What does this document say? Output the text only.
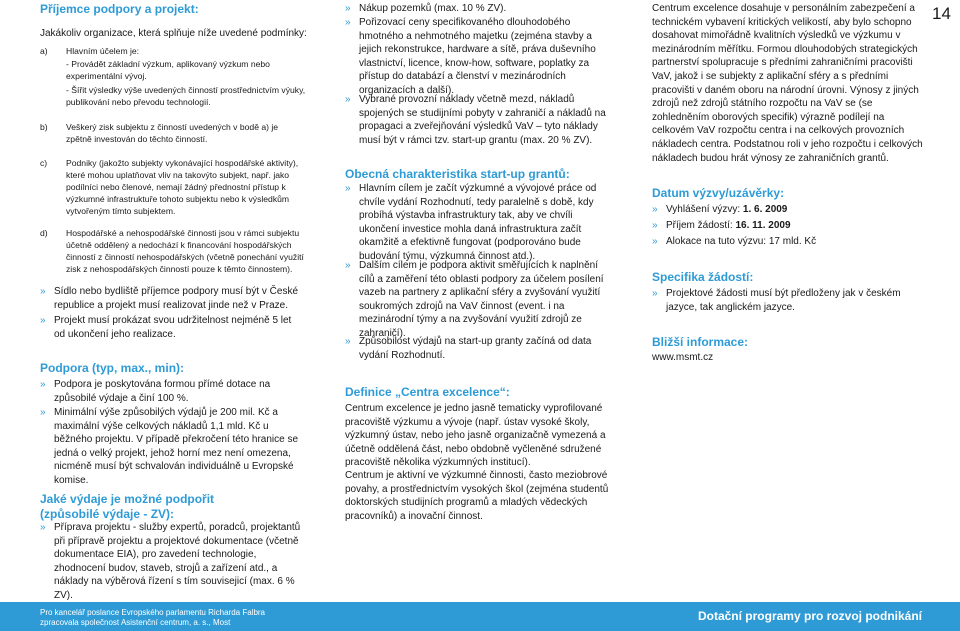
Příjemce podpory a projekt:
Jakákoliv organizace, která splňuje níže uvedené podmínky:
a)	Hlavním účelem je:
- Provádět základní výzkum, aplikovaný výzkum nebo experimentální vývoj.
- Šířit výsledky výše uvedených činností prostřednictvím výuky, publikování nebo převodu technologií.
b)	Veškerý zisk subjektu z činností uvedených v bodě a) je zpětně investován do těchto činností.
c)	Podniky (jakožto subjekty vykonávající hospodářské aktivity), které mohou uplatňovat vliv na takovýto subjekt, např. jako podílníci nebo členové, nemají žádný přednostní přístup k výzkumné infrastruktuře tohoto subjektu nebo k výsledkům vytvořeným tímto subjektem.
d)	Hospodářské a nehospodářské činnosti jsou v rámci subjektu účetně oddělený a nedochází k financování hospodářských činností z činností nehospodářských (včetně ponechání využití zisk z nehospodářských činností pouze k těmto činnostem).
» Sídlo nebo bydliště příjemce podpory musí být v České republice a projekt musí realizovat jinde než v Praze.
» Projekt musí prokázat svou udržitelnost nejméně 5 let od ukončení jeho realizace.
Podpora (typ, max., min):
» Podpora je poskytována formou přímé dotace na způsobilé výdaje a činí 100 %.
» Minimální výše způsobilých výdajů je 200 mil. Kč a maximální výše celkových nákladů 1,1 mld. Kč u běžného projektu. V případě překročení této hranice se jedná o velký projekt, jehož horní mez není omezena, nicméně musí být schvalován individuálně u Evropské komise.
Jaké výdaje je možné podpořit (způsobilé výdaje - ZV):
» Příprava projektu - služby expertů, poradců, projektantů při přípravě projektu a projektové dokumentace (včetně dokumentace EIA), pro zavedení technologie, zhodnocení budov, staveb, strojů a zařízení atd., a náklady na výběrová řízení s tím souvisejicí (max. 6 % ZV).
» Nákup pozemků (max. 10 % ZV).
» Pořizovací ceny specifikovaného dlouhodobého hmotného a nehmotného majetku (zejména stavby a jejich rekonstrukce, hardware a sítě, práva duševního vlastnictví, licence, know-how, software, poplatky za přístup do databází a členství v mezinárodních organizacích a další).
» Vybrané provozní náklady včetně mezd, nákladů spojených se studijními pobyty v zahraničí a nákladů na propagaci a zveřejňování výsledků VaV – tyto náklady musí být v rámci tzv. start-up grantu (max. 20 % ZV).
Obecná charakteristika start-up grantů:
» Hlavním cílem je začít výzkumné a vývojové práce od chvíle vydání Rozhodnutí, tedy paralelně s době, kdy probíhá výstavba infrastruktury tak, aby ve chvíli ukončení investice mohla daná infrastruktura začít okamžitě a efektivně fungovat (podporováno bude budování týmu, výzkumná činnost atd.).
» Dalším cílem je podpora aktivit směřujících k naplnění cílů a zaměření této oblasti podpory za účelem posílení vazeb na partnery z aplikační sféry a zvyšování využití soukromých zdrojů na VaV činnost (event. i na mezinárodní týmy a na zvyšování využití zdrojů ze zahraničí).
» Způsobilost výdajů na start-up granty začíná od data vydání Rozhodnutí.
Definice „Centra excelence“:
Centrum excelence je jedno jasně tematicky vyprofilované pracoviště výzkumu a vývoje (např. ústav vysoké školy, výzkumný ústav, nebo jeho jasně organizačně vymezená a účetně oddělená část, nebo obdobně vyčleněné sdružené pracoviště několika výzkumných institucí).
Centrum je aktivní ve výzkumné činnosti, často meziobrové povahy, a prostřednictvím vysokých škol (zejména studentů doktorských studijních programů a mladých vědeckých pracovníků) a inovační činnost.
Centrum excelence dosahuje v personálním zabezpečení a technickém vybavení kritických velikostí, aby bylo schopno dosahovat mimořádně kvalitních výsledků ve výzkumu v mezinárodním měřítku. Formou dlouhodobých strategických partnerství spolupracuje s předními zahraničními pracovišti VaV, jakož i se subjekty z aplikační sféry a s předními pracovišti v daném oboru na národní úrovni. Výnosy z jiných zdrojů než zdrojů státního rozpočtu na VaV se (se zohledněním oborových specifik) výrazně podílejí na celkovém VaV rozpočtu centra i na celkových provozních nákladech centra. Podstatnou roli v jeho rozpočtu i celkových nákladech budou hrát výnosy ze zahraničních grantů.
Datum výzvy/uzávěrky:
» Vyhlášení výzvy: 1. 6. 2009
» Příjem žádostí: 16. 11. 2009
» Alokace na tuto výzvu: 17 mld. Kč
Specifika žádostí:
» Projektové žádosti musí být předloženy jak v českém jazyce, tak anglickém jazyce.
Bližší informace:
www.msmt.cz
Pro kancelář poslance Evropského parlamentu Richarda Falbra
zpracovala společnost Asistenční centrum, a. s., Most	Dotační programy pro rozvoj podnikání
14
